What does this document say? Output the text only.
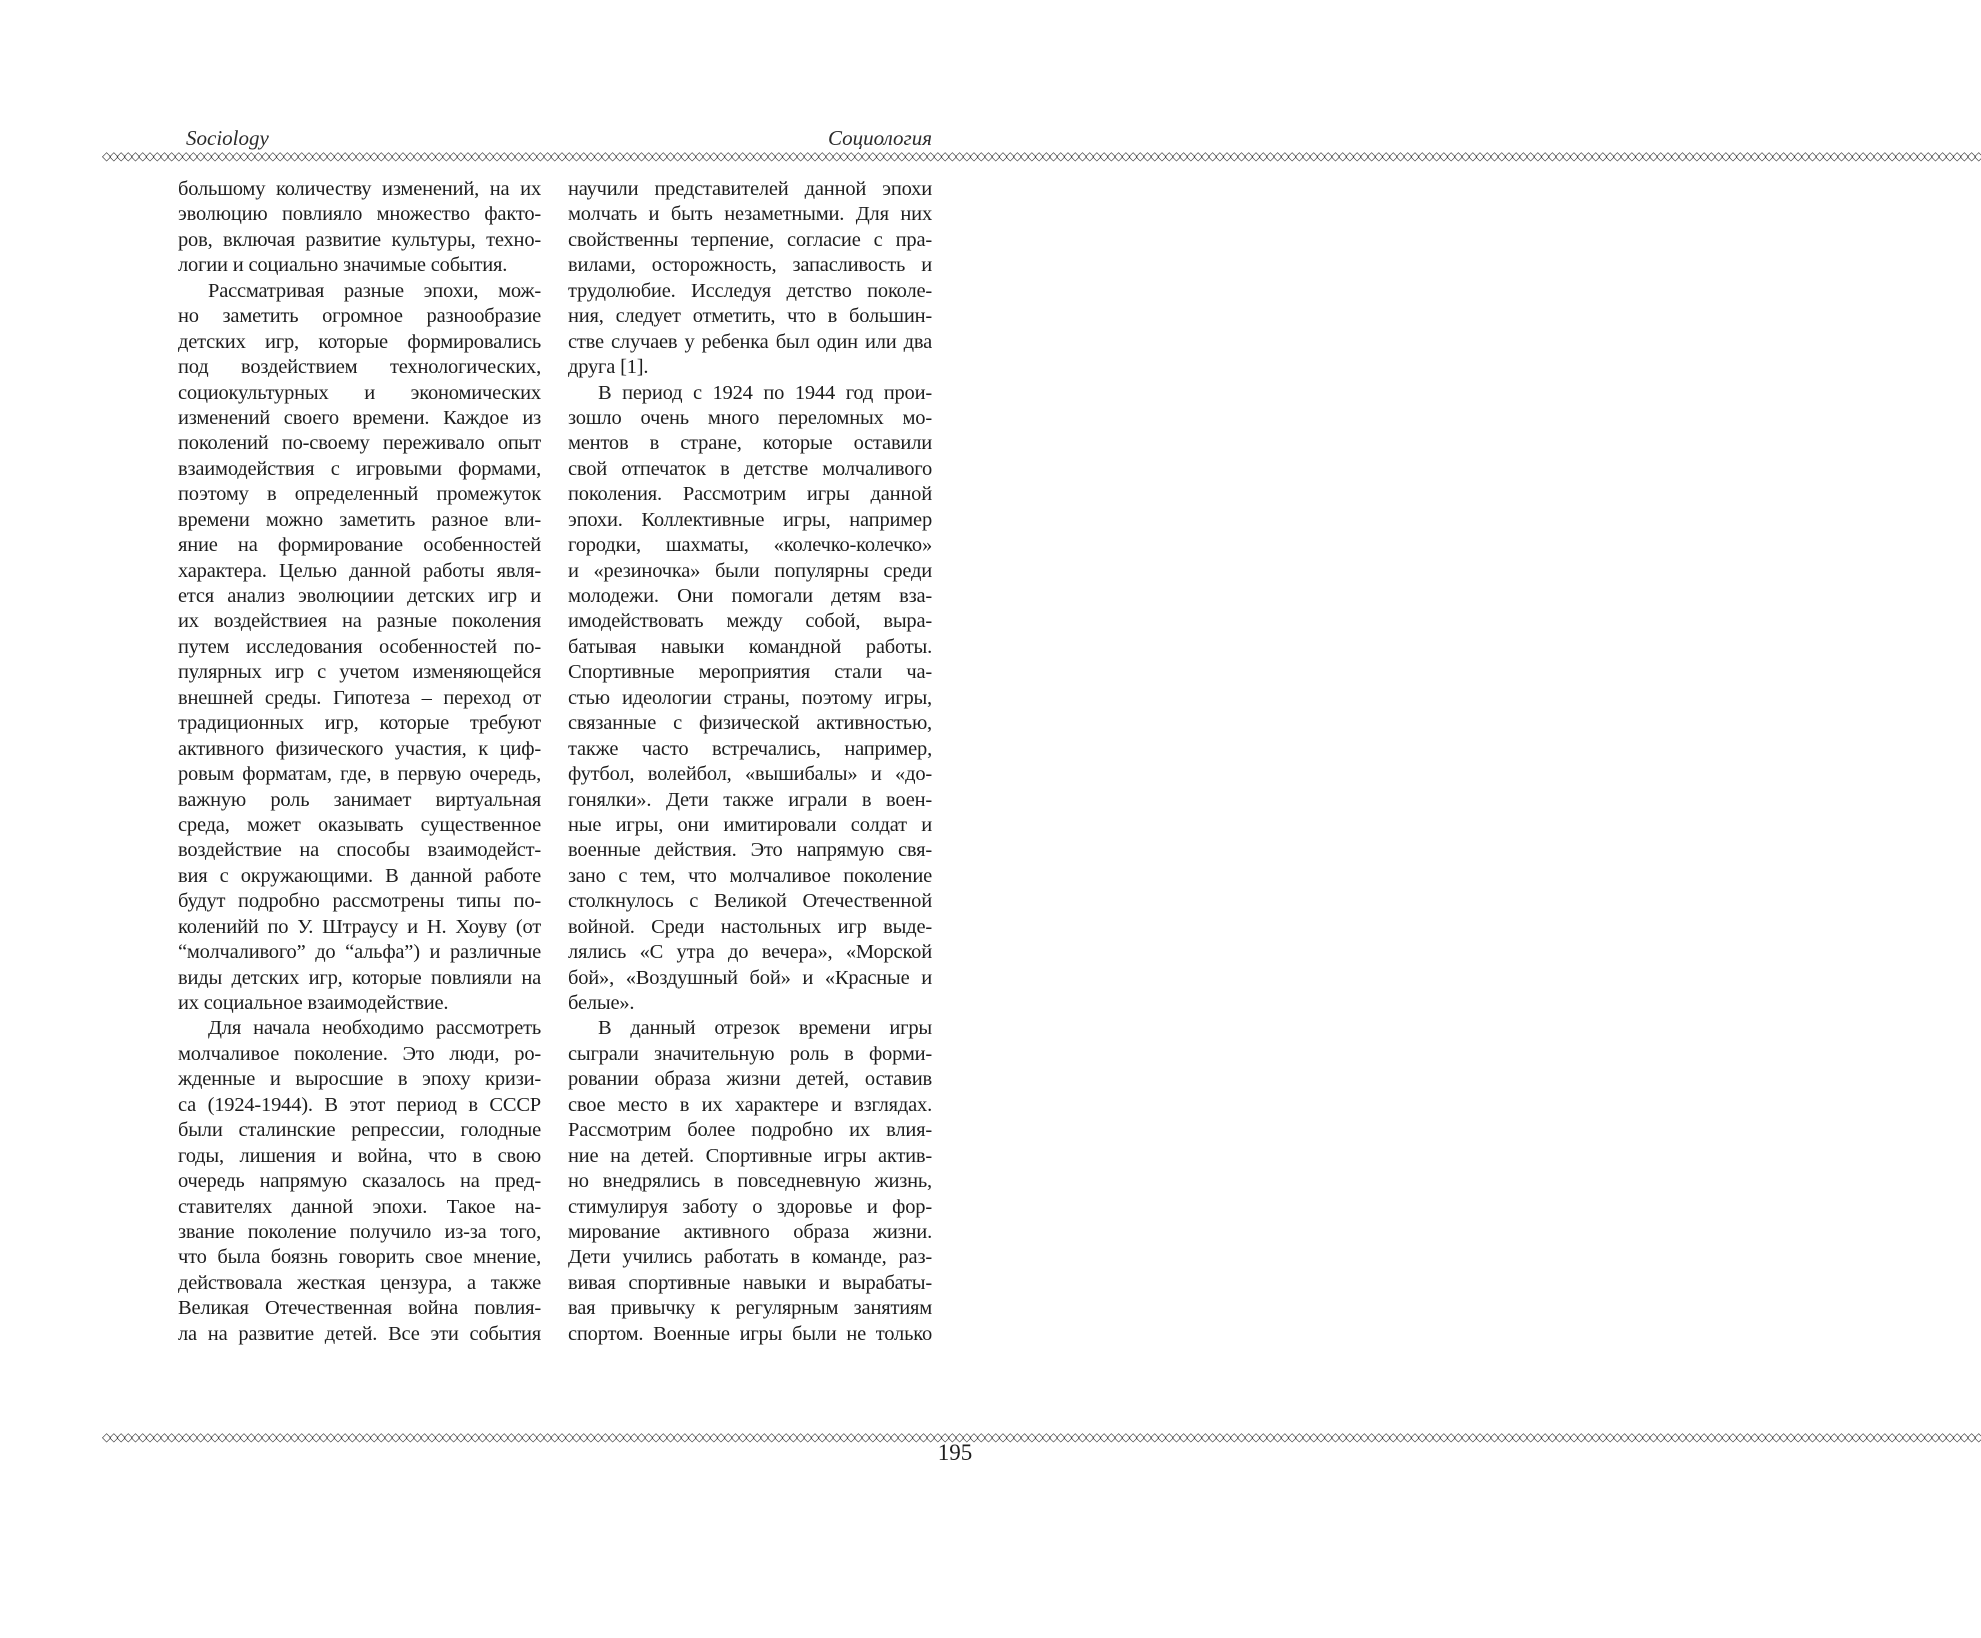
Sociology	Социология
◇◇◇◇◇◇◇◇◇◇◇◇◇◇◇◇◇◇◇◇◇◇◇◇◇◇◇◇◇◇◇◇◇◇◇◇◇◇◇◇◇◇◇◇◇◇◇◇◇◇◇◇◇◇◇◇◇◇◇◇◇◇◇◇◇◇◇◇◇◇◇◇◇◇◇◇◇◇◇◇◇◇◇◇◇◇◇◇◇◇◇◇◇◇◇◇◇◇◇◇◇◇◇◇◇◇◇◇◇◇◇◇◇◇◇◇◇◇◇◇◇◇◇◇◇◇◇◇◇◇◇◇◇◇◇◇◇◇◇◇◇◇◇◇◇◇◇◇◇◇◇◇◇◇◇◇◇◇◇◇◇◇◇◇◇◇◇◇◇◇◇◇◇◇◇◇◇◇◇◇◇◇◇◇◇◇◇◇◇◇◇◇◇◇◇◇◇◇◇◇◇◇◇◇◇◇◇◇◇◇◇◇◇◇◇◇◇◇◇◇◇◇◇◇◇◇◇◇◇◇◇◇◇◇◇◇◇◇◇◇◇◇◇◇◇◇◇◇◇◇◇◇◇◇◇◇◇◇◇◇
большому количеству изменений, на их
эволюцию повлияло множество факто-
ров, включая развитие культуры, техно-
логии и социально значимые события.
Рассматривая разные эпохи, мож-
но заметить огромное разнообразие
детских игр, которые формировались
под воздействием технологических,
социокультурных и экономических
изменений своего времени. Каждое из
поколений по-своему переживало опыт
взаимодействия с игровыми формами,
поэтому в определенный промежуток
времени можно заметить разное вли-
яние на формирование особенностей
характера. Целью данной работы явля-
ется анализ эволюциии детских игр и
их воздействиея на разные поколения
путем исследования особенностей по-
пулярных игр с учетом изменяющейся
внешней среды. Гипотеза – переход от
традиционных игр, которые требуют
активного физического участия, к циф-
ровым форматам, где, в первую очередь,
важную роль занимает виртуальная
среда, может оказывать существенное
воздействие на способы взаимодейст-
вия с окружающими. В данной работе
будут подробно рассмотрены типы по-
коленийй по У. Штраусу и Н. Хоуву (от
“молчаливого” до “альфа”) и различные
виды детских игр, которые повлияли на
их социальное взаимодействие.
Для начала необходимо рассмотреть
молчаливое поколение. Это люди, ро-
жденные и выросшие в эпоху кризи-
са (1924-1944). В этот период в СССР
были сталинские репрессии, голодные
годы, лишения и война, что в свою
очередь напрямую сказалось на пред-
ставителях данной эпохи. Такое на-
звание поколение получило из-за того,
что была боязнь говорить свое мнение,
действовала жесткая цензура, а также
Великая Отечественная война повлия-
ла на развитие детей. Все эти события
научили представителей данной эпохи
молчать и быть незаметными. Для них
свойственны терпение, согласие с пра-
вилами, осторожность, запасливость и
трудолюбие. Исследуя детство поколе-
ния, следует отметить, что в большин-
стве случаев у ребенка был один или два
друга [1].
В период с 1924 по 1944 год прои-
зошло очень много переломных мо-
ментов в стране, которые оставили
свой отпечаток в детстве молчаливого
поколения. Рассмотрим игры данной
эпохи. Коллективные игры, например
городки, шахматы, «колечко-колечко»
и «резиночка» были популярны среди
молодежи. Они помогали детям вза-
имодействовать между собой, выра-
батывая навыки командной работы.
Спортивные мероприятия стали ча-
стью идеологии страны, поэтому игры,
связанные с физической активностью,
также часто встречались, например,
футбол, волейбол, «вышибалы» и «до-
гонялки». Дети также играли в воен-
ные игры, они имитировали солдат и
военные действия. Это напрямую свя-
зано с тем, что молчаливое поколение
столкнулось с Великой Отечественной
войной. Среди настольных игр выде-
лялись «С утра до вечера», «Морской
бой», «Воздушный бой» и «Красные и
белые».
В данный отрезок времени игры
сыграли значительную роль в форми-
ровании образа жизни детей, оставив
свое место в их характере и взглядах.
Рассмотрим более подробно их влия-
ние на детей. Спортивные игры актив-
но внедрялись в повседневную жизнь,
стимулируя заботу о здоровье и фор-
мирование активного образа жизни.
Дети учились работать в команде, раз-
вивая спортивные навыки и вырабаты-
вая привычку к регулярным занятиям
спортом. Военные игры были не только
◇◇◇◇◇◇◇◇◇◇◇◇◇◇◇◇◇◇◇◇◇◇◇◇◇◇◇◇◇◇◇◇◇◇◇◇◇◇◇◇◇◇◇◇◇◇◇◇◇◇◇◇◇◇◇◇◇◇◇◇◇◇◇◇◇◇◇◇◇◇◇◇◇◇◇◇◇◇◇◇◇◇◇◇◇◇◇◇◇◇◇◇◇◇◇◇◇◇◇◇◇◇◇◇◇◇◇◇◇◇◇◇◇◇◇◇◇◇◇◇◇◇◇◇◇◇◇◇◇◇◇◇◇◇◇◇◇◇◇◇◇◇◇◇◇◇◇◇◇◇◇◇◇◇◇◇◇◇◇◇◇◇◇◇◇◇◇◇◇◇◇◇◇◇◇◇◇◇◇◇◇◇◇◇◇◇◇◇◇◇◇◇◇◇◇◇◇◇◇◇◇◇◇◇◇◇◇◇◇◇◇◇◇◇◇◇◇◇◇◇◇◇◇◇◇◇◇◇◇◇◇◇◇◇◇◇◇◇◇◇◇◇◇◇◇◇◇◇◇◇◇◇◇◇◇◇◇◇◇◇
195
